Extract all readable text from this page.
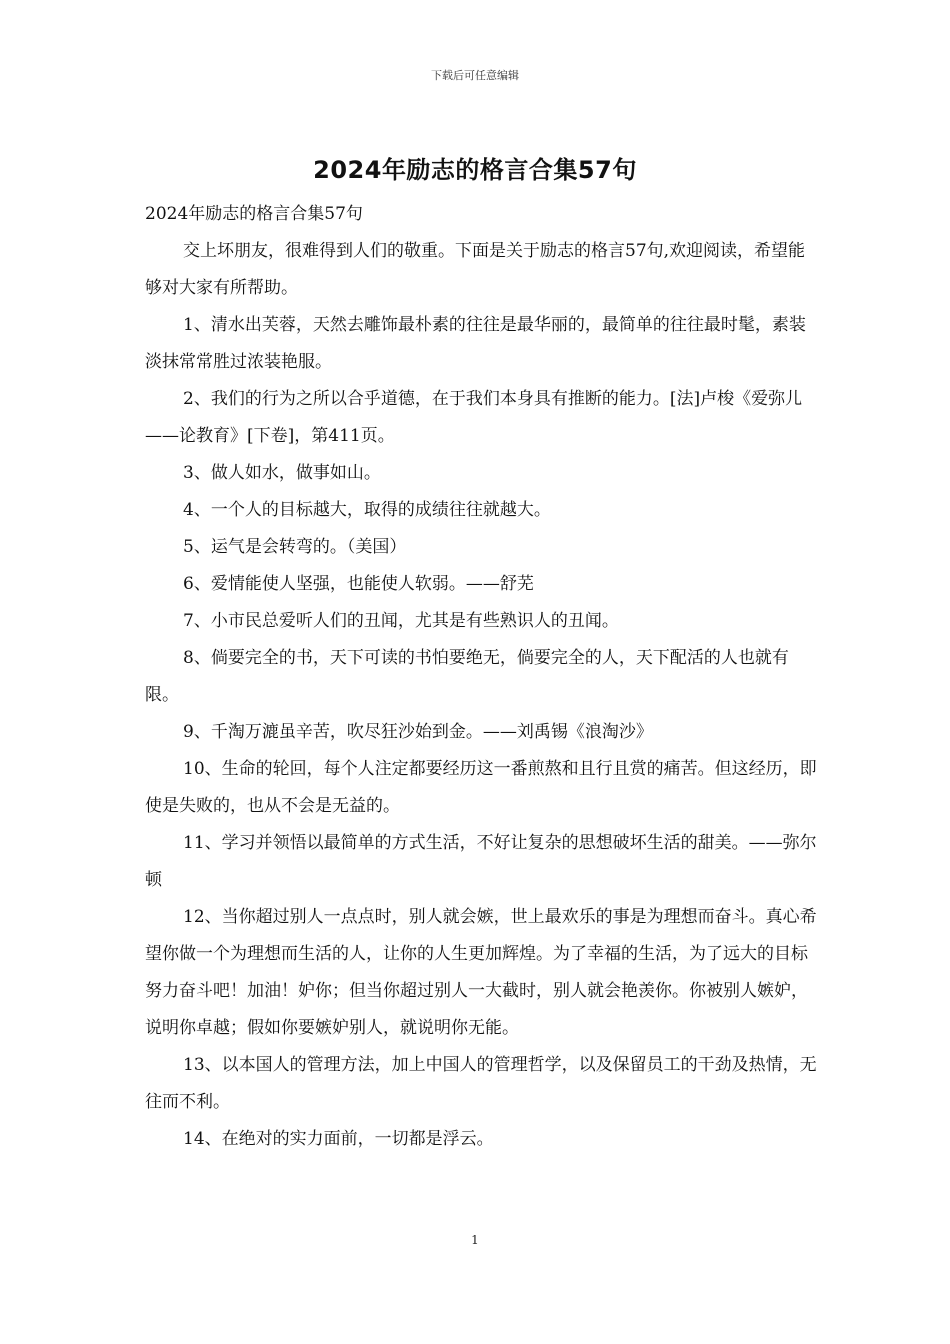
下载后可任意编辑
2024年励志的格言合集57句

2024年励志的格言合集57句

交上坏朋友，很难得到人们的敬重。下面是关于励志的格言57句,欢迎阅读，希望能够对大家有所帮助。

1、清水出芙蓉，天然去雕饰最朴素的往往是最华丽的，最简单的往往最时髦，素装淡抹常常胜过浓装艳服。

2、我们的行为之所以合乎道德，在于我们本身具有推断的能力。[法]卢梭《爱弥儿——论教育》[下卷]，第411页。

3、做人如水，做事如山。

4、一个人的目标越大，取得的成绩往往就越大。

5、运气是会转弯的。（美国）

6、爱情能使人坚强，也能使人软弱。——舒芜

7、小市民总爱听人们的丑闻，尤其是有些熟识人的丑闻。

8、倘要完全的书，天下可读的书怕要绝无，倘要完全的人，天下配活的人也就有限。

9、千淘万漉虽辛苦，吹尽狂沙始到金。——刘禹锡《浪淘沙》

10、生命的轮回，每个人注定都要经历这一番煎熬和且行且赏的痛苦。但这经历，即使是失败的，也从不会是无益的。

11、学习并领悟以最简单的方式生活，不好让复杂的思想破坏生活的甜美。——弥尔顿

12、当你超过别人一点点时，别人就会嫉，世上最欢乐的事是为理想而奋斗。真心希望你做一个为理想而生活的人，让你的人生更加辉煌。为了幸福的生活，为了远大的目标努力奋斗吧！加油！妒你；但当你超过别人一大截时，别人就会艳羡你。你被别人嫉妒，说明你卓越；假如你要嫉妒别人，就说明你无能。

13、以本国人的管理方法，加上中国人的管理哲学，以及保留员工的干劲及热情，无往而不利。

14、在绝对的实力面前，一切都是浮云。

1
